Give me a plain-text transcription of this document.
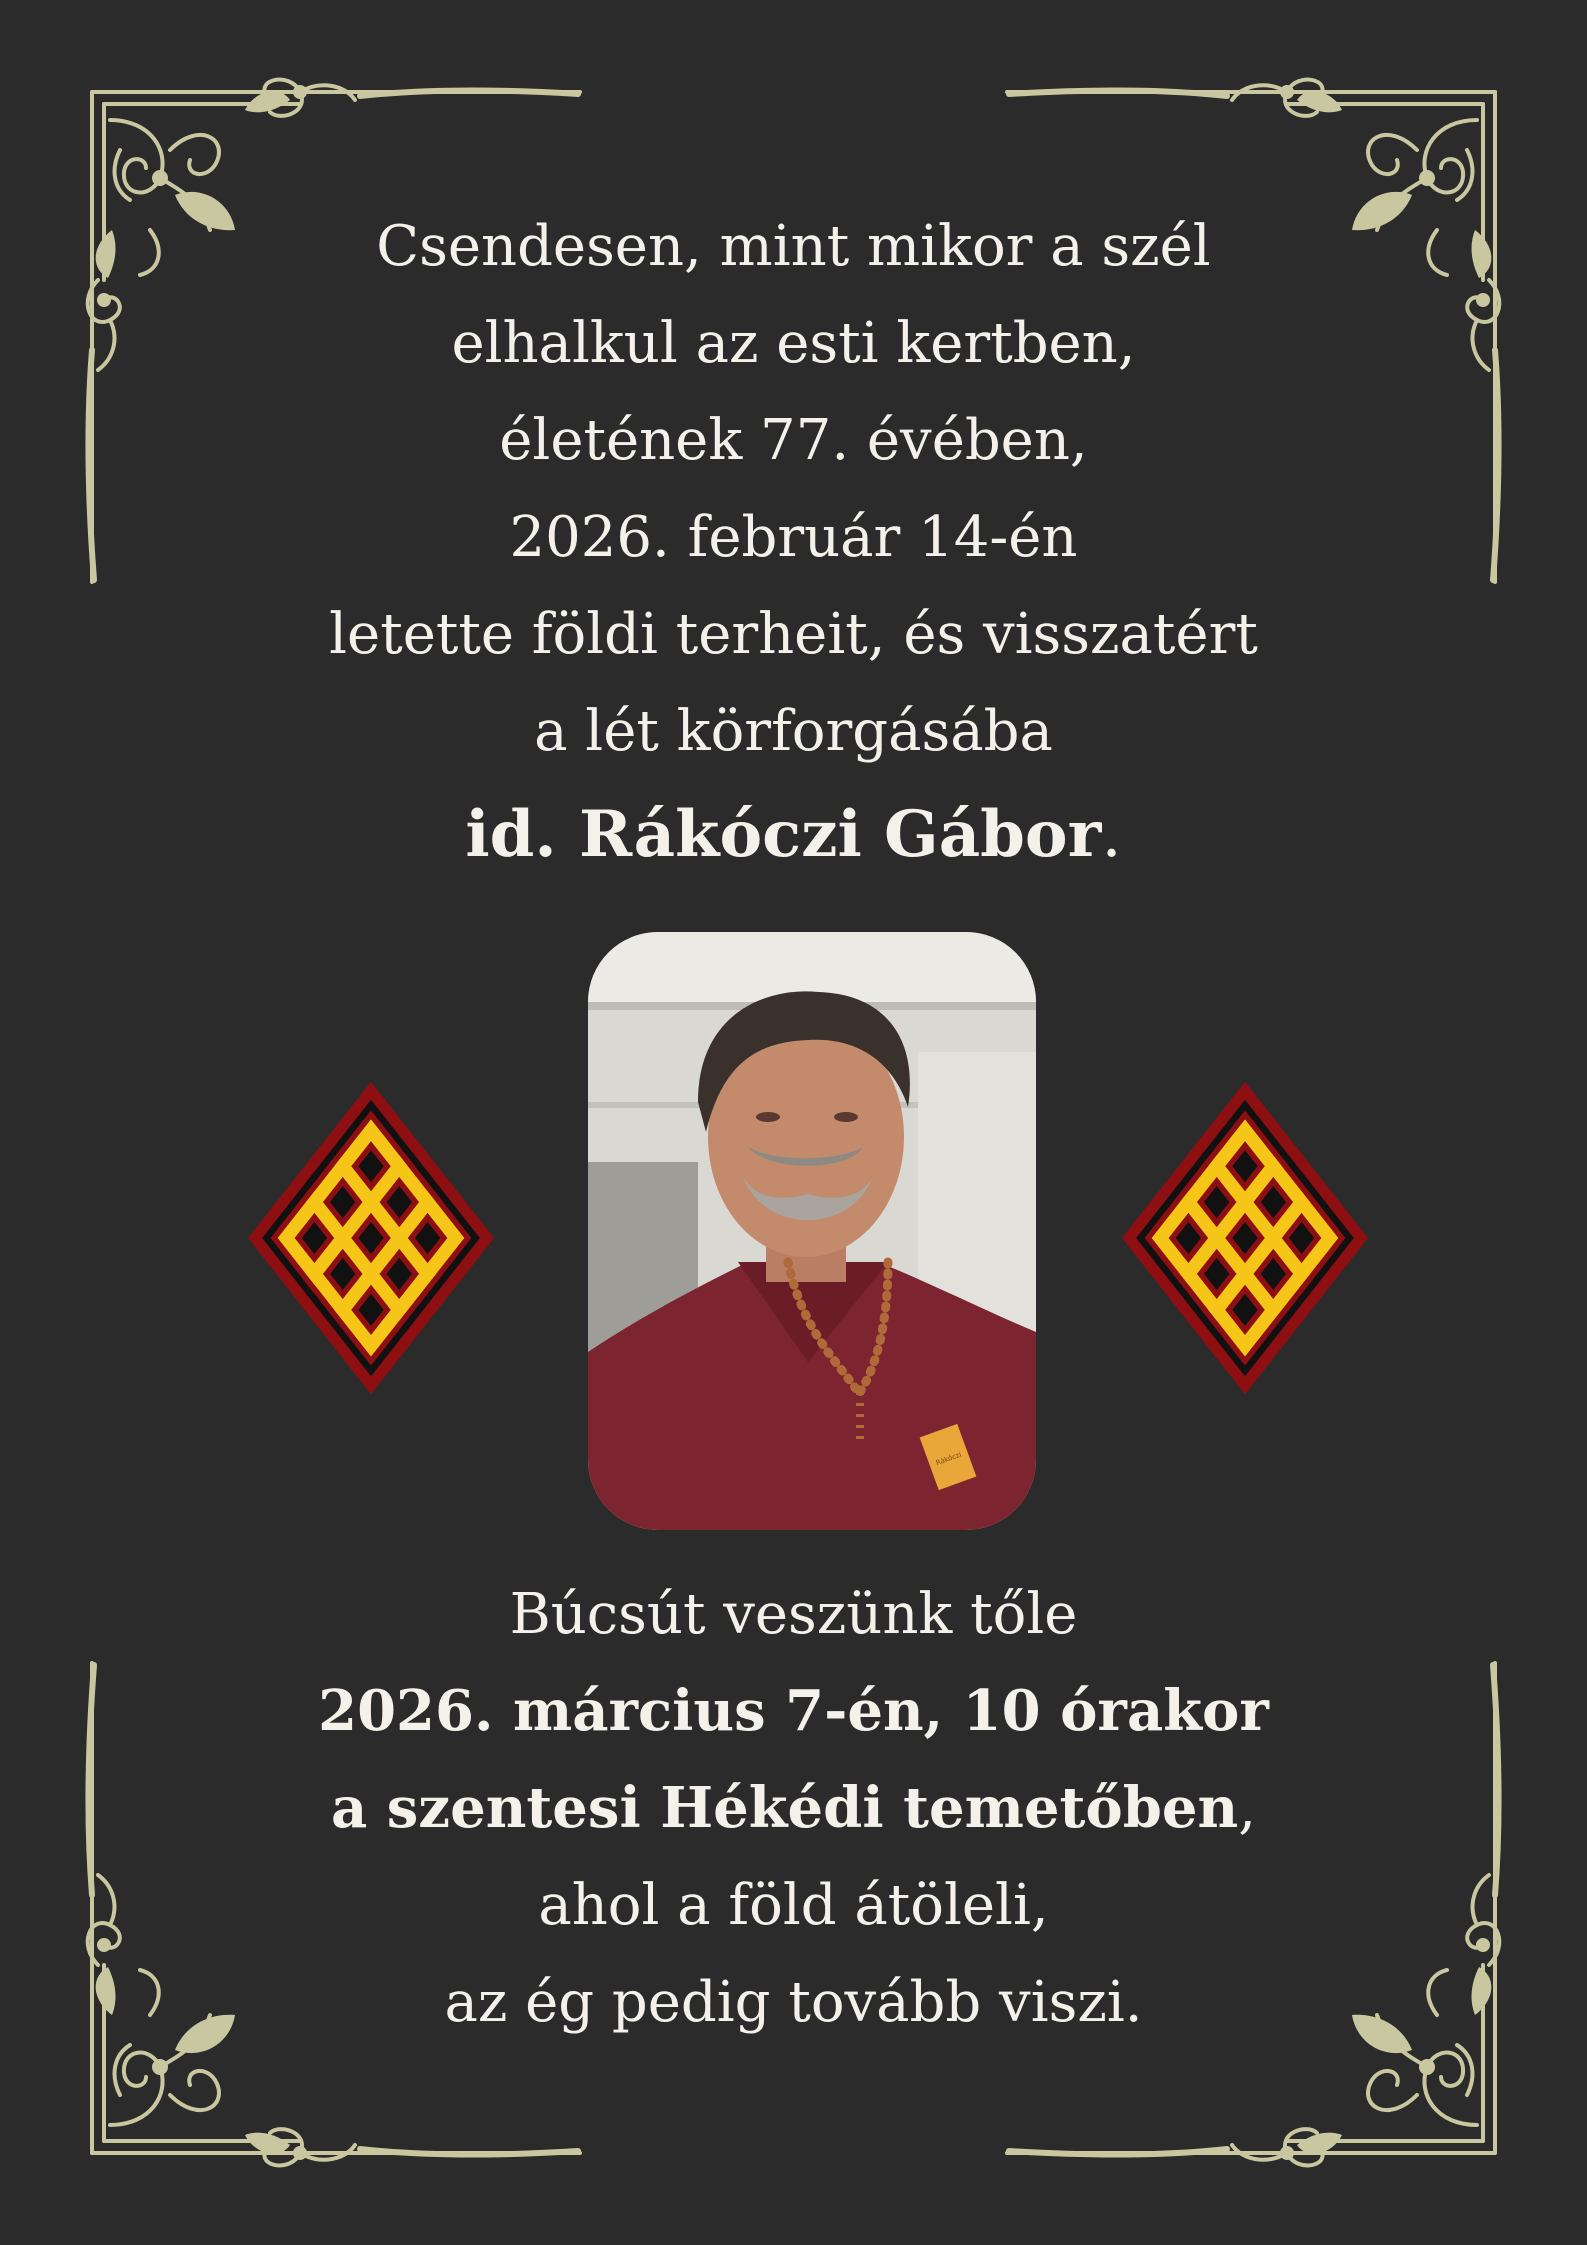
Csendesen, mint mikor a szél
elhalkul az esti kertben,
életének 77. évében,
2026. február 14-én
letette földi terheit, és visszatért
a lét körforgásába
id. Rákóczi Gábor.
Rákóczi
Búcsút veszünk tőle
2026. március 7-én, 10 órakor
a szentesi Hékédi temetőben,
ahol a föld átöleli,
az ég pedig tovább viszi.
